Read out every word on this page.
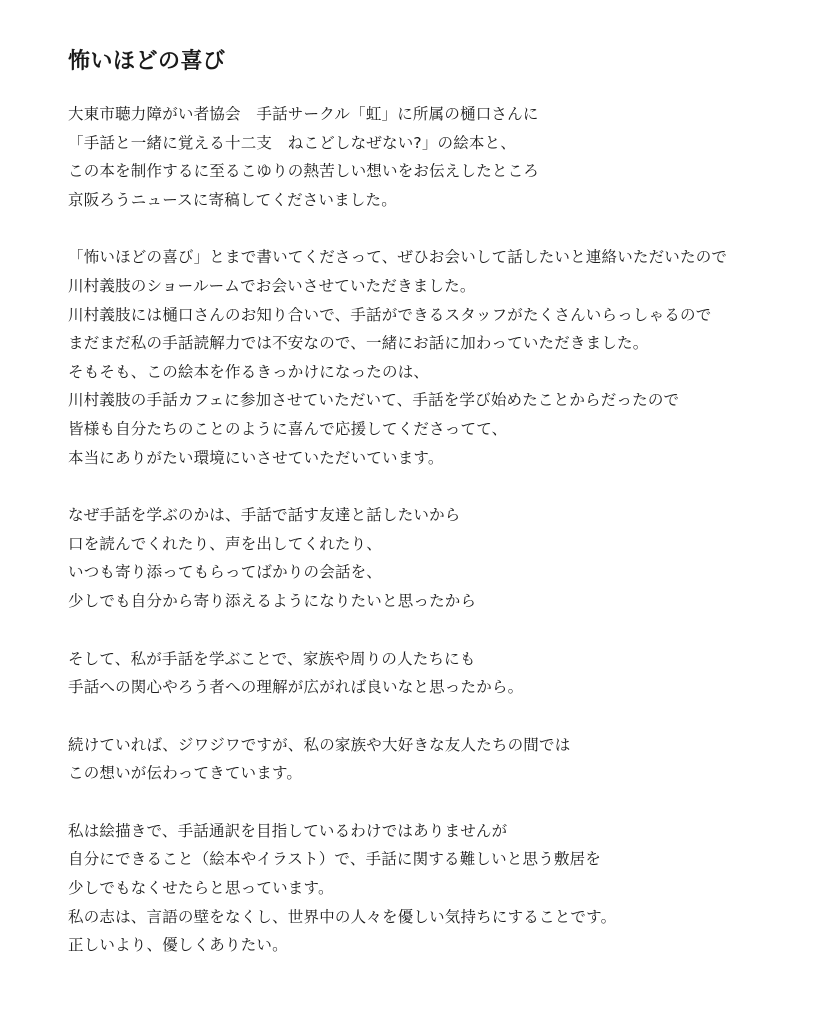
怖いほどの喜び

大東市聴力障がい者協会　手話サークル「虹」に所属の樋口さんに
「手話と一緒に覚える十二支　ねこどしなぜない?」の絵本と、
この本を制作するに至るこゆりの熱苦しい想いをお伝えしたところ
京阪ろうニュースに寄稿してくださいました。

「怖いほどの喜び」とまで書いてくださって、ぜひお会いして話したいと連絡いただいたので
川村義肢のショールームでお会いさせていただきました。
川村義肢には樋口さんのお知り合いで、手話ができるスタッフがたくさんいらっしゃるので
まだまだ私の手話読解力では不安なので、一緒にお話に加わっていただきました。
そもそも、この絵本を作るきっかけになったのは、
川村義肢の手話カフェに参加させていただいて、手話を学び始めたことからだったので
皆様も自分たちのことのように喜んで応援してくださってて、
本当にありがたい環境にいさせていただいています。

なぜ手話を学ぶのかは、手話で話す友達と話したいから
口を読んでくれたり、声を出してくれたり、
いつも寄り添ってもらってばかりの会話を、
少しでも自分から寄り添えるようになりたいと思ったから

そして、私が手話を学ぶことで、家族や周りの人たちにも
手話への関心やろう者への理解が広がれば良いなと思ったから。

続けていれば、ジワジワですが、私の家族や大好きな友人たちの間では
この想いが伝わってきています。

私は絵描きで、手話通訳を目指しているわけではありませんが
自分にできること（絵本やイラスト）で、手話に関する難しいと思う敷居を
少しでもなくせたらと思っています。
私の志は、言語の壁をなくし、世界中の人々を優しい気持ちにすることです。
正しいより、優しくありたい。
